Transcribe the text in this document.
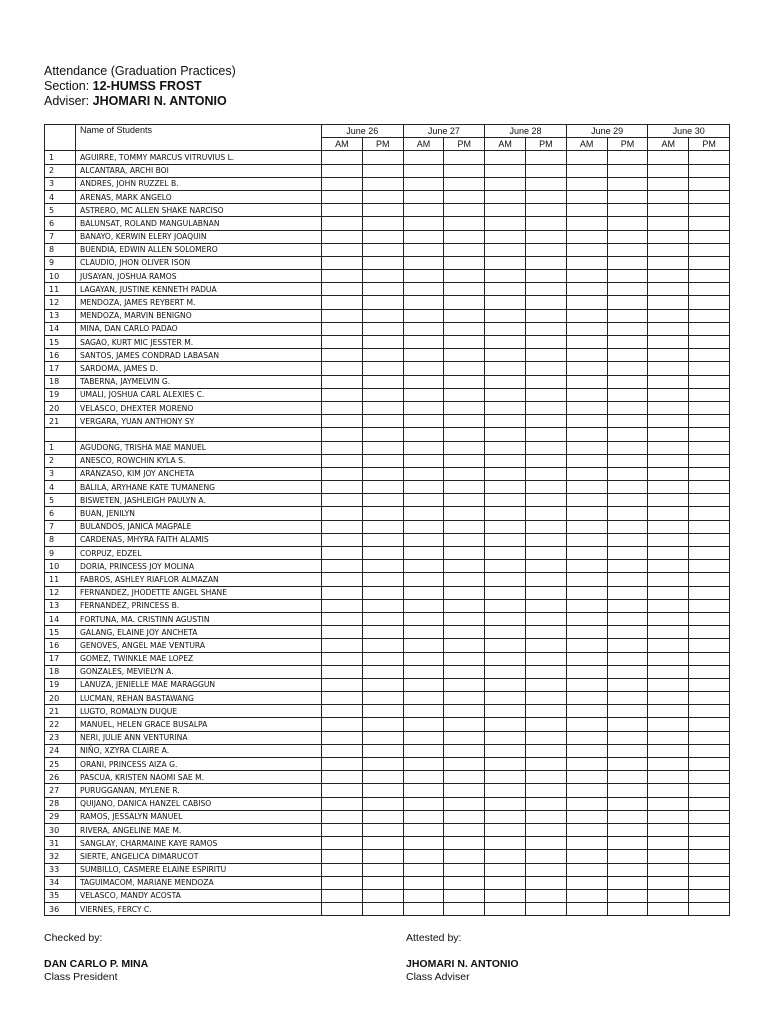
Attendance (Graduation Practices)
Section: 12-HUMSS FROST
Adviser: JHOMARI N. ANTONIO
	Name of Students	June 26		June 27		June 28		June 29		June 30	
		AM	PM	AM	PM	AM	PM	AM	PM	AM	PM
1	AGUIRRE, TOMMY MARCUS VITRUVIUS L.										
2	ALCANTARA, ARCHI BOI										
3	ANDRES, JOHN RUZZEL B.										
4	ARENAS, MARK ANGELO										
5	ASTRERO, MC ALLEN SHAKE NARCISO										
6	BALUNSAT, ROLAND MANGULABNAN										
7	BANAYO, KERWIN ELERY JOAQUIN										
8	BUENDIA, EDWIN ALLEN SOLOMERO										
9	CLAUDIO, JHON OLIVER ISON										
10	JUSAYAN, JOSHUA RAMOS										
11	LAGAYAN, JUSTINE KENNETH PADUA										
12	MENDOZA, JAMES REYBERT M.										
13	MENDOZA, MARVIN BENIGNO										
14	MINA, DAN CARLO PADAO										
15	SAGAO, KURT MIC JESSTER M.										
16	SANTOS, JAMES CONDRAD LABASAN										
17	SARDOMA, JAMES D.										
18	TABERNA, JAYMELVIN G.										
19	UMALI, JOSHUA CARL ALEXIES C.										
20	VELASCO, DHEXTER MORENO										
21	VERGARA, YUAN ANTHONY SY										

1	AGUDONG, TRISHA MAE MANUEL										
2	ANESCO, ROWCHIN KYLA S.										
3	ARANZASO, KIM JOY ANCHETA										
4	BALILA, ARYHANE KATE TUMANENG										
5	BISWETEN, JASHLEIGH PAULYN A.										
6	BUAN, JENILYN										
7	BULANDOS, JANICA MAGPALE										
8	CARDENAS, MHYRA FAITH ALAMIS										
9	CORPUZ, EDZEL										
10	DORIA, PRINCESS JOY MOLINA										
11	FABROS, ASHLEY RIAFLOR ALMAZAN										
12	FERNANDEZ, JHODETTE ANGEL SHANE										
13	FERNANDEZ, PRINCESS B.										
14	FORTUNA, MA. CRISTINN AGUSTIN										
15	GALANG, ELAINE JOY ANCHETA										
16	GENOVES, ANGEL MAE VENTURA										
17	GOMEZ, TWINKLE MAE LOPEZ										
18	GONZALES, MEVIELYN A.										
19	LANUZA, JENIELLE MAE MARAGGUN										
20	LUCMAN, REHAN BASTAWANG										
21	LUGTO, ROMALYN DUQUE										
22	MANUEL, HELEN GRACE BUSALPA										
23	NERI, JULIE ANN VENTURINA										
24	NIÑO, XZYRA CLAIRE A.										
25	ORANI, PRINCESS AIZA G.										
26	PASCUA, KRISTEN NAOMI SAE M.										
27	PURUGGANAN, MYLENE R.										
28	QUIJANO, DANICA HANZEL CABISO										
29	RAMOS, JESSALYN MANUEL										
30	RIVERA, ANGELINE MAE M.										
31	SANGLAY, CHARMAINE KAYE RAMOS										
32	SIERTE, ANGELICA DIMARUCOT										
33	SUMBILLO, CASMERE ELAINE ESPIRITU										
34	TAGUIMACOM, MARIANE MENDOZA										
35	VELASCO, MANDY ACOSTA										
36	VIERNES, FERCY C.										
Checked by:
DAN CARLO P. MINA
Class President
Attested by:
JHOMARI N. ANTONIO
Class Adviser
